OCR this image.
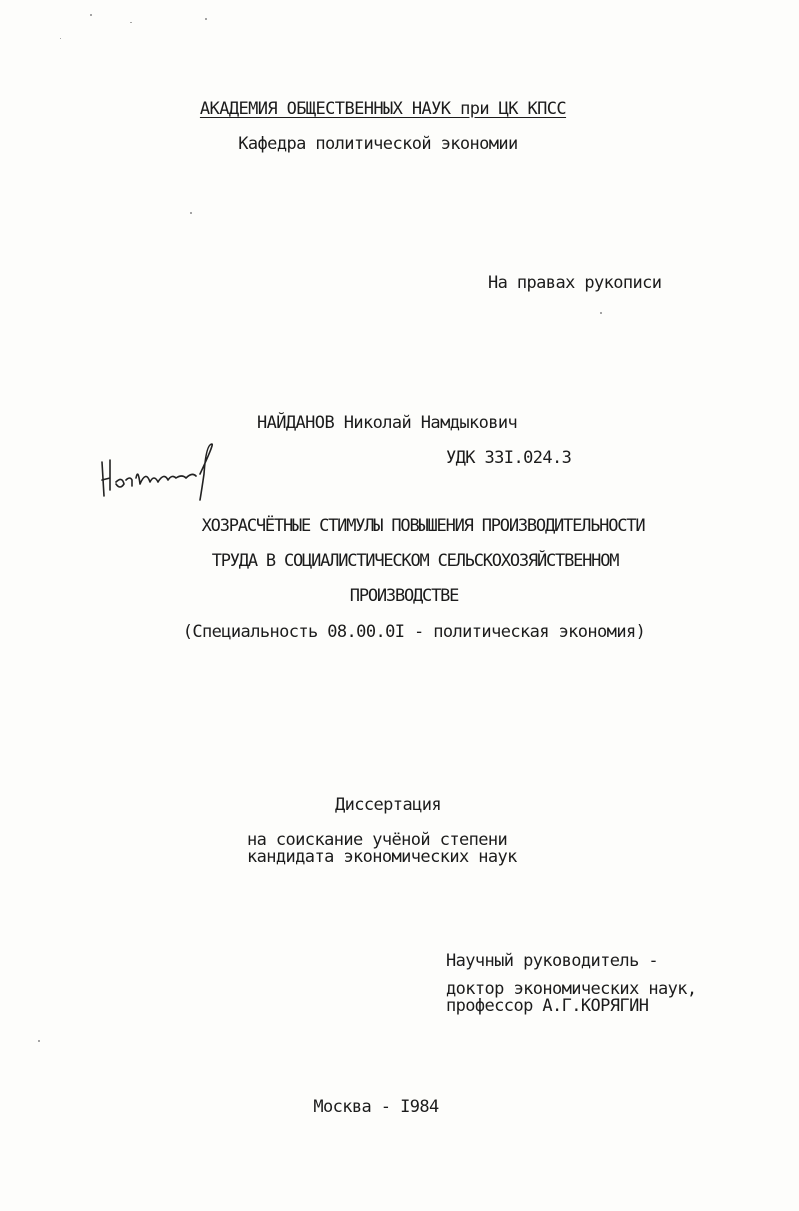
АКАДЕМИЯ ОБЩЕСТВЕННЫХ НАУК при ЦК КПСС
Кафедра политической экономии
На правах рукописи
НАЙДАНОВ Николай Намдыкович
УДК 33I.024.3
ХОЗРАСЧЁТНЫЕ СТИМУЛЫ ПОВЫШЕНИЯ ПРОИЗВОДИТЕЛЬНОСТИ
ТРУДА В СОЦИАЛИСТИЧЕСКОМ СЕЛЬСКОХОЗЯЙСТВЕННОМ
ПРОИЗВОДСТВЕ
(Специальность 08.00.0I - политическая экономия)
Диссертация
на соискание учёной степени
кандидата экономических наук
Научный руководитель -
доктор экономических наук,
профессор А.Г.КОРЯГИН
Москва - I984
